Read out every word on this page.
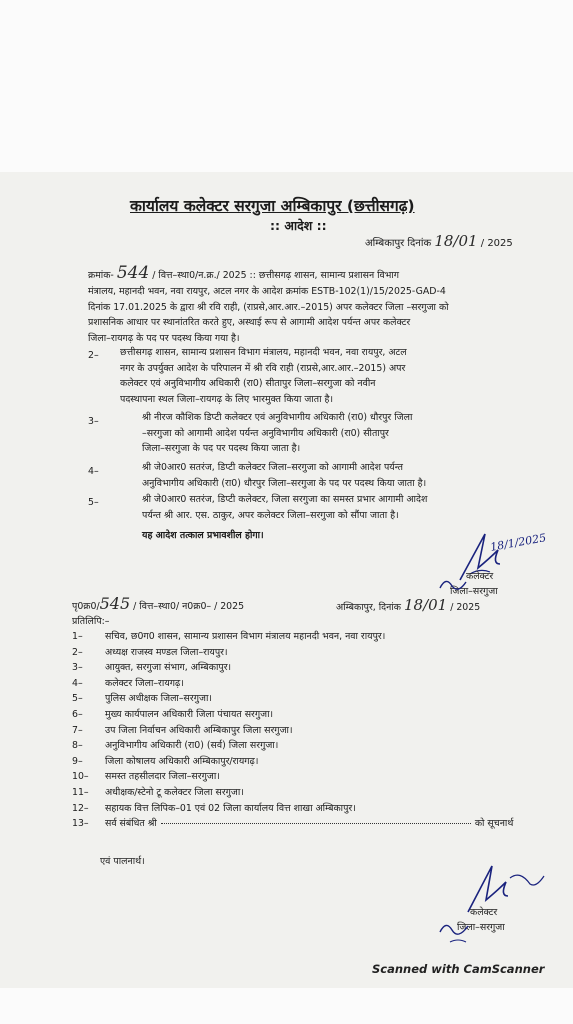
कार्यालय कलेक्टर सरगुजा अम्बिकापुर (छत्तीसगढ़)
:: आदेश ::
अम्बिकापुर दिनांक 18/01 / 2025
क्रमांक- 544 / वित्त–स्था0/न.क्र./ 2025 :: छत्तीसगढ़ शासन, सामान्य प्रशासन विभाग
मंत्रालय, महानदी भवन, नवा रायपुर, अटल नगर के आदेश क्रमांक ESTB-102(1)/15/2025-GAD-4
दिनांक 17.01.2025 के द्वारा श्री रवि राही, (राप्रसे,आर.आर.–2015) अपर कलेक्टर जिला –सरगुजा को
प्रशासनिक आधार पर स्थानांतरित करते हुए, अस्थाई रूप से आगामी आदेश पर्यन्त अपर कलेक्टर
जिला–रायगढ़ के पद पर पदस्थ किया गया है।
2– छत्तीसगढ़ शासन, सामान्य प्रशासन विभाग मंत्रालय, महानदी भवन, नवा रायपुर, अटल
नगर के उपर्युक्त आदेश के परिपालन में श्री रवि राही (राप्रसे,आर.आर.–2015) अपर
कलेक्टर एवं अनुविभागीय अधिकारी (रा0) सीतापुर जिला–सरगुजा को नवीन
पदस्थापना स्थल जिला–रायगढ़ के लिए भारमुक्त किया जाता है।
3–	श्री नीरज कौशिक डिप्टी कलेक्टर एवं अनुविभागीय अधिकारी (रा0) धौरपुर जिला
–सरगुजा को आगामी आदेश पर्यन्त अनुविभागीय अधिकारी (रा0) सीतापुर
जिला–सरगुजा के पद पर पदस्थ किया जाता है।
4–	श्री जे0आर0 सतरंज, डिप्टी कलेक्टर जिला–सरगुजा को आगामी आदेश पर्यन्त
अनुविभागीय अधिकारी (रा0) धौरपुर जिला–सरगुजा के पद पर पदस्थ किया जाता है।
5–	श्री जे0आर0 सतरंज, डिप्टी कलेक्टर, जिला सरगुजा का समस्त प्रभार आगामी आदेश
पर्यन्त श्री आर. एस. ठाकुर, अपर कलेक्टर जिला–सरगुजा को सौंपा जाता है।
यह आदेश तत्काल प्रभावशील होगा।	18/1/2025
कलेक्टर
जिला–सरगुजा
पृ0क्र0/545 / वित्त–स्था0/ न0क्र0– / 2025	अम्बिकापुर, दिनांक 18/01 / 2025
प्रतिलिपि:–
1– सचिव, छ0ग0 शासन, सामान्य प्रशासन विभाग मंत्रालय महानदी भवन, नवा रायपुर।
2– अध्यक्ष राजस्व मण्डल जिला–रायपुर।
3– आयुक्त, सरगुजा संभाग, अम्बिकापुर।
4– कलेक्टर जिला–रायगढ़।
5– पुलिस अधीक्षक जिला–सरगुजा।
6– मुख्य कार्यपालन अधिकारी जिला पंचायत सरगुजा।
7– उप जिला निर्वाचन अधिकारी अम्बिकापुर जिला सरगुजा।
8– अनुविभागीय अधिकारी (रा0) (सर्व) जिला सरगुजा।
9– जिला कोषालय अधिकारी अम्बिकापुर/रायगढ़।
10– समस्त तहसीलदार जिला–सरगुजा।
11– अधीक्षक/स्टेनो टू कलेक्टर जिला सरगुजा।
12– सहायक वित्त लिपिक–01 एवं 02 जिला कार्यालय वित्त शाखा अम्बिकापुर।
13– सर्व संबंधित श्री	को सूचनार्थ
एवं पालनार्थ।
कलेक्टर
जिला–सरगुजा
Scanned with CamScanner
